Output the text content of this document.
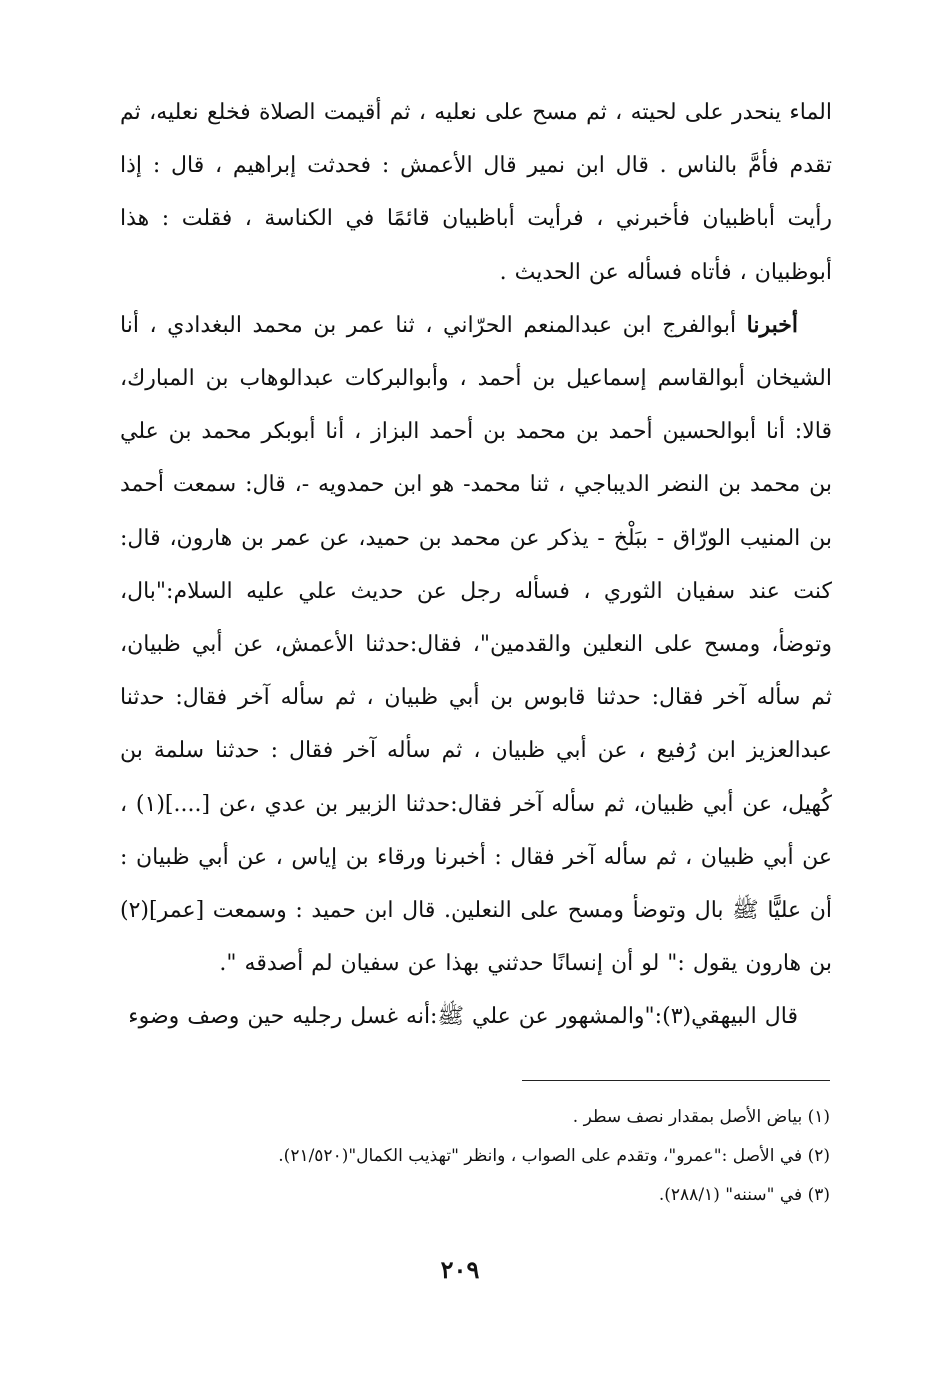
الماء ينحدر على لحيته ، ثم مسح على نعليه ، ثم أقيمت الصلاة فخلع نعليه، ثم تقدم فأمَّ بالناس . قال ابن نمير قال الأعمش : فحدثت إبراهيم ، قال : إذا رأيت أباظبيان فأخبرني ، فرأيت أباظبيان قائمًا في الكناسة ، فقلت : هذا أبوظبيان ، فأتاه فسأله عن الحديث .

أخبرنا أبوالفرج ابن عبدالمنعم الحرّاني ، ثنا عمر بن محمد البغدادي ، أنا الشيخان أبوالقاسم إسماعيل بن أحمد ، وأبوالبركات عبدالوهاب بن المبارك، قالا: أنا أبوالحسين أحمد بن محمد بن أحمد البزاز ، أنا أبوبكر محمد بن علي بن محمد بن النضر الديباجي ، ثنا محمد- هو ابن حمدويه -، قال: سمعت أحمد بن المنيب الورّاق - ببَلْخ - يذكر عن محمد بن حميد، عن عمر بن هارون، قال: كنت عند سفيان الثوري ، فسأله رجل عن حديث علي عليه السلام:"بال، وتوضأ، ومسح على النعلين والقدمين"، فقال:حدثنا الأعمش، عن أبي ظبيان، ثم سأله آخر فقال: حدثنا قابوس بن أبي ظبيان ، ثم سأله آخر فقال: حدثنا عبدالعزيز ابن رُفيع ، عن أبي ظبيان ، ثم سأله آخر فقال : حدثنا سلمة بن كُهيل، عن أبي ظبيان، ثم سأله آخر فقال:حدثنا الزبير بن عدي ،عن [....](١) ، عن أبي ظبيان ، ثم سأله آخر فقال : أخبرنا ورقاء بن إياس ، عن أبي ظبيان : أن عليًّا ﷺ بال وتوضأ ومسح على النعلين. قال ابن حميد : وسمعت [عمر](٢) بن هارون يقول :" لو أن إنسانًا حدثني بهذا عن سفيان لم أصدقه ".

قال البيهقي(٣):"والمشهور عن علي ﷺ:أنه غسل رجليه حين وصف وضوء

(١) بياض الأصل بمقدار نصف سطر .
(٢) في الأصل :"عمرو"، وتقدم على الصواب ، وانظر "تهذيب الكمال"(٢١/٥٢٠).
(٣) في "سننه" (٢٨٨/١).
٢٠٩
